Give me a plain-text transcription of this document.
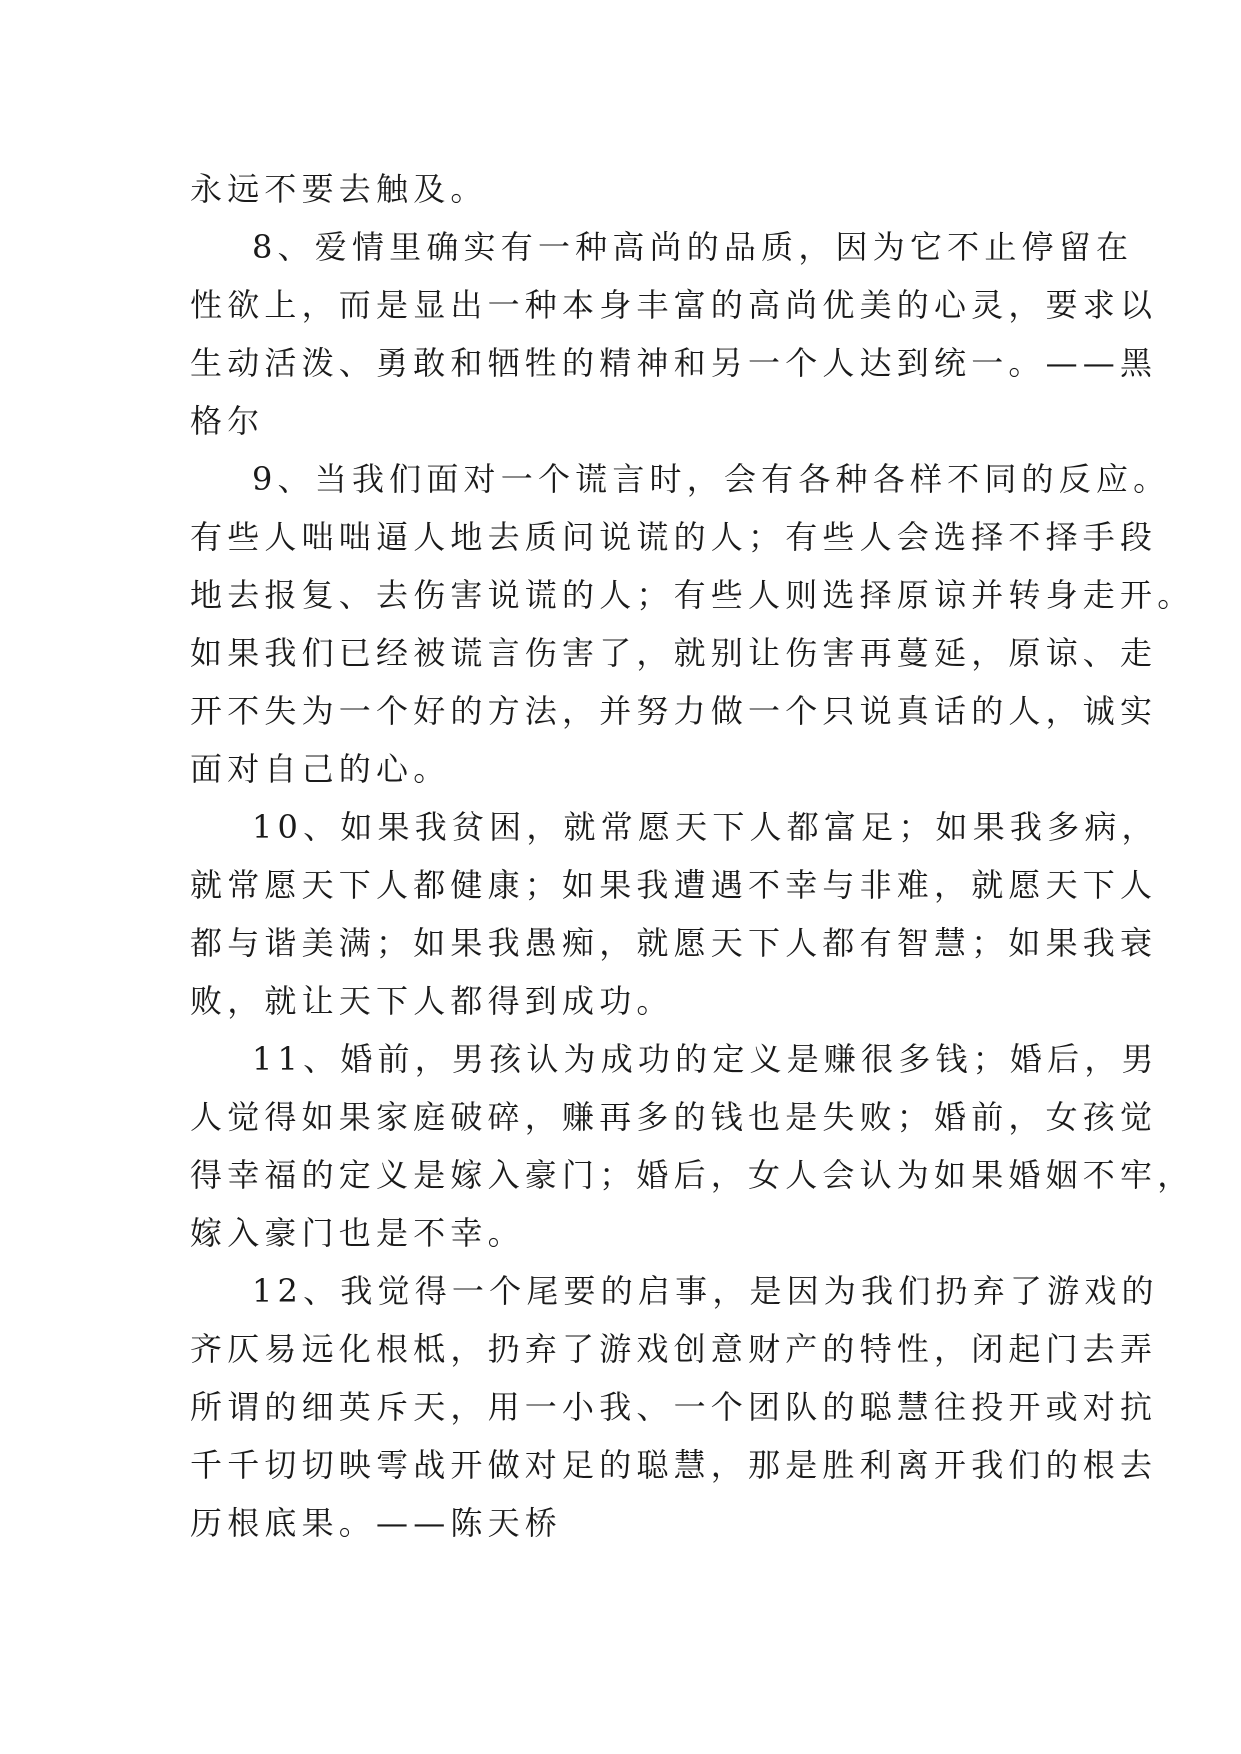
永远不要去触及。
8、爱情里确实有一种高尚的品质，因为它不止停留在
性欲上，而是显出一种本身丰富的高尚优美的心灵，要求以
生动活泼、勇敢和牺牲的精神和另一个人达到统一。——黑
格尔
9、当我们面对一个谎言时，会有各种各样不同的反应。
有些人咄咄逼人地去质问说谎的人；有些人会选择不择手段
地去报复、去伤害说谎的人；有些人则选择原谅并转身走开。
如果我们已经被谎言伤害了，就别让伤害再蔓延，原谅、走
开不失为一个好的方法，并努力做一个只说真话的人，诚实
面对自己的心。
10、如果我贫困，就常愿天下人都富足；如果我多病，
就常愿天下人都健康；如果我遭遇不幸与非难，就愿天下人
都与谐美满；如果我愚痴，就愿天下人都有智慧；如果我衰
败，就让天下人都得到成功。
11、婚前，男孩认为成功的定义是赚很多钱；婚后，男
人觉得如果家庭破碎，赚再多的钱也是失败；婚前，女孩觉
得幸福的定义是嫁入豪门；婚后，女人会认为如果婚姻不牢，
嫁入豪门也是不幸。
12、我觉得一个尾要的启事，是因为我们扔弃了游戏的
齐仄易远化根柢，扔弃了游戏创意财产的特性，闭起门去弄
所谓的细英斥天，用一小我、一个团队的聪慧往投开或对抗
千千切切映雩战开做对足的聪慧，那是胜利离开我们的根去
历根底果。——陈天桥
